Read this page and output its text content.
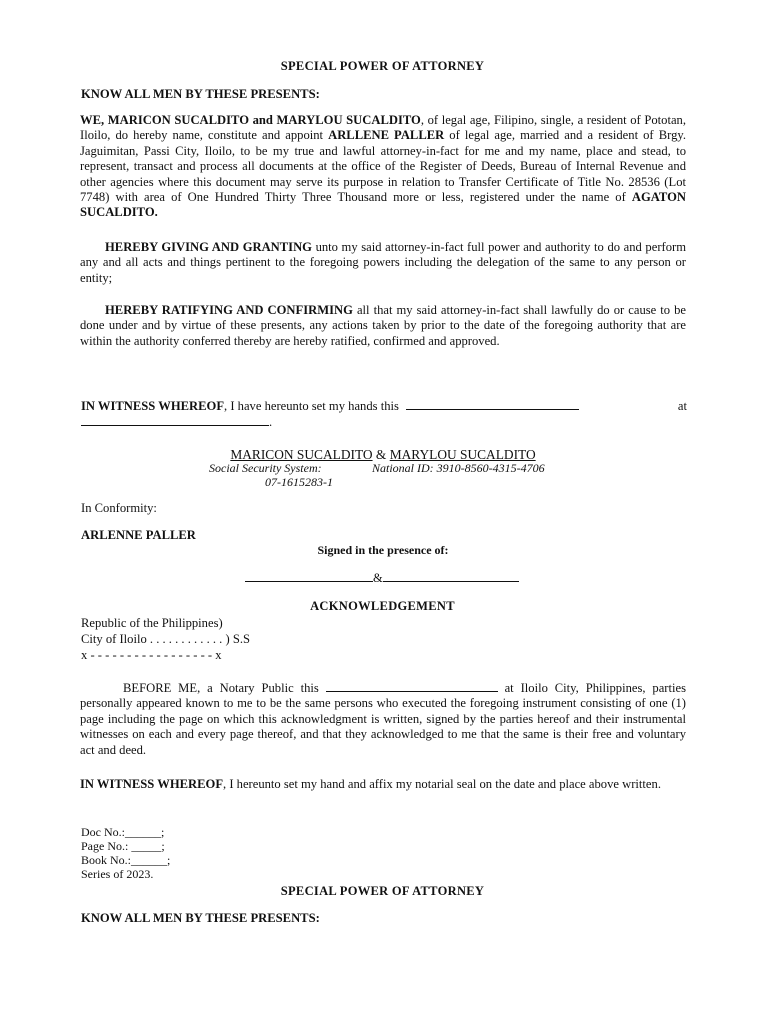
SPECIAL POWER OF ATTORNEY
KNOW ALL MEN BY THESE PRESENTS:
WE, MARICON SUCALDITO and MARYLOU SUCALDITO, of legal age, Filipino, single, a resident of Pototan, Iloilo, do hereby name, constitute and appoint ARLLENE PALLER of legal age, married and a resident of Brgy. Jaguimitan, Passi City, Iloilo, to be my true and lawful attorney-in-fact for me and my name, place and stead, to represent, transact and process all documents at the office of the Register of Deeds, Bureau of Internal Revenue and other agencies where this document may serve its purpose in relation to Transfer Certificate of Title No. 28536 (Lot 7748) with area of One Hundred Thirty Three Thousand more or less, registered under the name of AGATON SUCALDITO.
HEREBY GIVING AND GRANTING unto my said attorney-in-fact full power and authority to do and perform any and all acts and things pertinent to the foregoing powers including the delegation of the same to any person or entity;
HEREBY RATIFYING AND CONFIRMING all that my said attorney-in-fact shall lawfully do or cause to be done under and by virtue of these presents, any actions taken by prior to the date of the foregoing authority that are within the authority conferred thereby are hereby ratified, confirmed and approved.
IN WITNESS WHEREOF, I have hereunto set my hands this	at
.
MARICON SUCALDITO & MARYLOU SUCALDITO
Social Security System:	National ID: 3910-8560-4315-4706
07-1615283-1
In Conformity:
ARLENNE PALLER
Signed in the presence of:
&
ACKNOWLEDGEMENT
Republic of the Philippines)
City of Iloilo . . . . . . . . . . . . ) S.S
x - - - - - - - - - - - - - - - - - x
BEFORE ME, a Notary Public this	at Iloilo City, Philippines, parties personally appeared known to me to be the same persons who executed the foregoing instrument consisting of one (1) page including the page on which this acknowledgment is written, signed by the parties hereof and their instrumental witnesses on each and every page thereof, and that they acknowledged to me that the same is their free and voluntary act and deed.
IN WITNESS WHEREOF, I hereunto set my hand and affix my notarial seal on the date and place above written.
Doc No.:______;
Page No.: _____;
Book No.:______;
Series of 2023.
SPECIAL POWER OF ATTORNEY
KNOW ALL MEN BY THESE PRESENTS:
